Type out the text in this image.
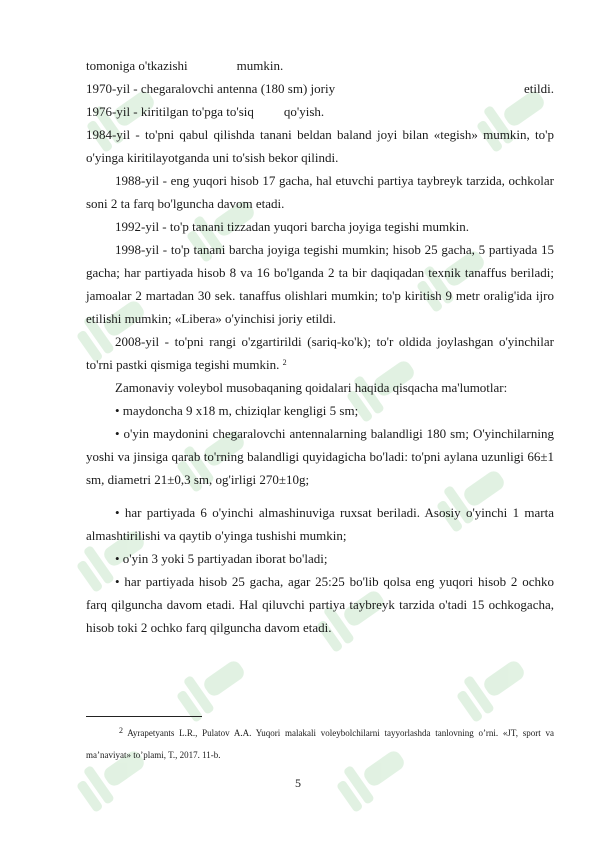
tomoniga o'tkazishi	mumkin.
1970-yil - chegaralovchi antenna (180 sm) joriy	etildi.
1976-yil - kiritilgan to'pga to'siq qo'yish.
1984-yil - to'pni qabul qilishda tanani beldan baland joyi bilan «tegish» mumkin, to'p o'yinga kiritilayotganda uni to'sish bekor qilindi.
1988-yil - eng yuqori hisob 17 gacha, hal etuvchi partiya taybreyk tarzida, ochkolar soni 2 ta farq bo'lguncha davom etadi.
1992-yil - to'p tanani tizzadan yuqori barcha joyiga tegishi mumkin.
1998-yil - to'p tanani barcha joyiga tegishi mumkin; hisob 25 gacha, 5 partiyada 15 gacha; har partiyada hisob 8 va 16 bo'lganda 2 ta bir daqiqadan texnik tanaffus beriladi; jamoalar 2 martadan 30 sek. tanaffus olishlari mumkin; to'p kiritish 9 metr oralig'ida ijro etilishi mumkin; «Libera» o'yinchisi joriy etildi.
2008-yil - to'pni rangi o'zgartirildi (sariq-ko'k); to'r oldida joylashgan o'yinchilar to'rni pastki qismiga tegishi mumkin. $^2$
Zamonaviy voleybol musobaqaning qoidalari haqida qisqacha ma'lumotlar:
• maydoncha 9 x18 m, chiziqlar kengligi 5 sm;
• o'yin maydonini chegaralovchi antennalarning balandligi 180 sm; O'yinchilarning yoshi va jinsiga qarab to'rning balandligi quyidagicha bo'ladi: to'pni aylana uzunligi 66±1 sm, diametri 21±0,3 sm, og'irligi 270±10g;
• har partiyada 6 o'yinchi almashinuviga ruxsat beriladi. Asosiy o'yinchi 1 marta almashtirilishi va qaytib o'yinga tushishi mumkin;
• o'yin 3 yoki 5 partiyadan iborat bo'ladi;
• har partiyada hisob 25 gacha, agar 25:25 bo'lib qolsa eng yuqori hisob 2 ochko farq qilguncha davom etadi. Hal qiluvchi partiya taybreyk tarzida o'tadi 15 ochkogacha, hisob toki 2 ochko farq qilguncha davom etadi.
2 Ayrapetyants L.R., Pulatov A.A. Yuqori malakali voleybolchilarni tayyorlashda tanlovning o’rni. «JT, sport va ma’naviyat» to’plami, T., 2017. 11-b.
5
